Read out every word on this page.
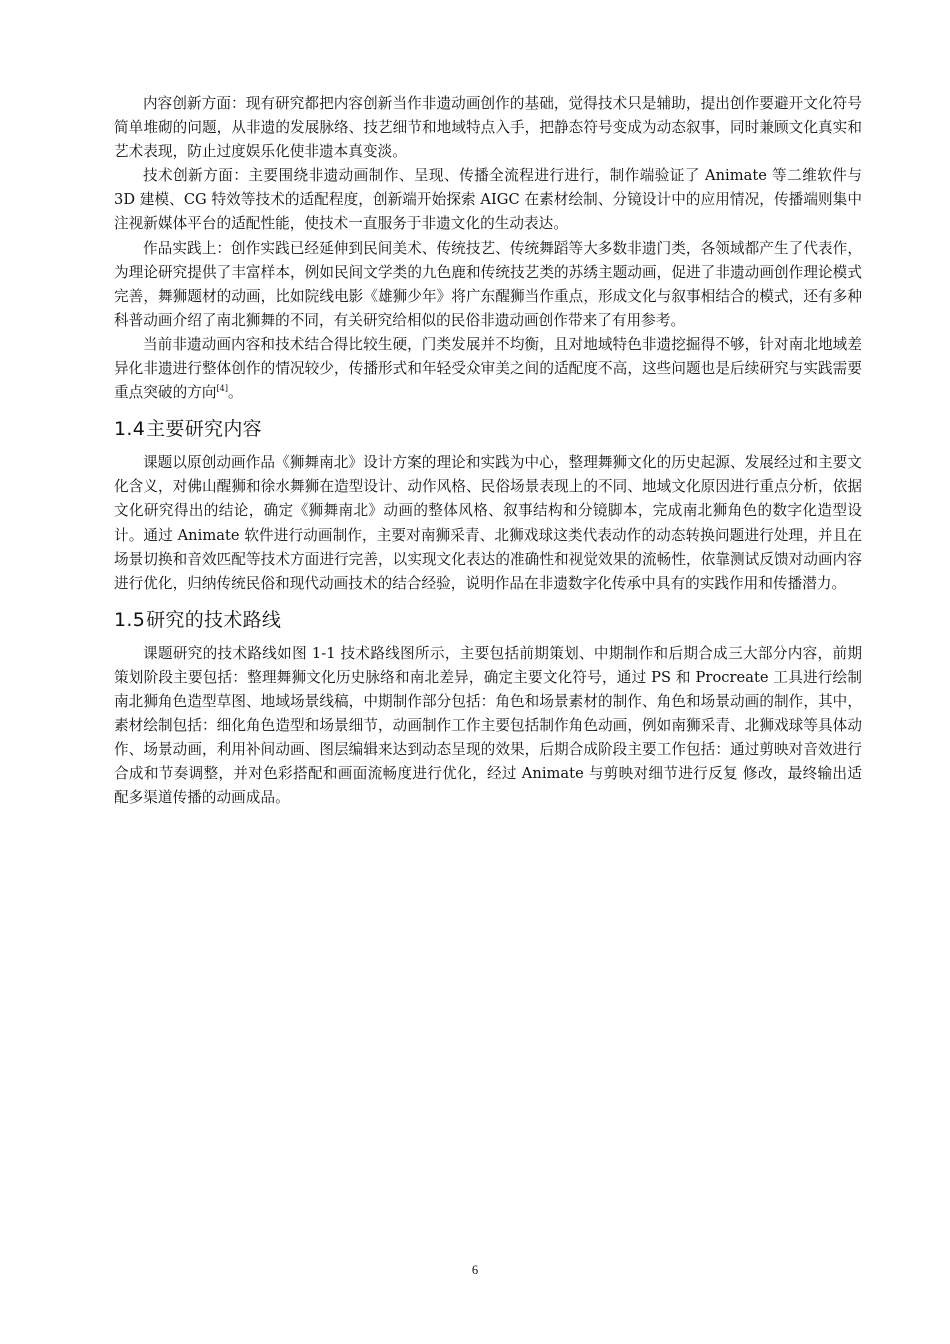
内容创新方面：现有研究都把内容创新当作非遗动画创作的基础，觉得技术只是辅助，提出创作要避开文化符号简单堆砌的问题，从非遗的发展脉络、技艺细节和地域特点入手，把静态符号变成为动态叙事，同时兼顾文化真实和艺术表现，防止过度娱乐化使非遗本真变淡。

技术创新方面：主要围绕非遗动画制作、呈现、传播全流程进行进行，制作端验证了 Animate 等二维软件与 3D 建模、CG 特效等技术的适配程度，创新端开始探索 AIGC 在素材绘制、分镜设计中的应用情况，传播端则集中注视新媒体平台的适配性能，使技术一直服务于非遗文化的生动表达。

作品实践上：创作实践已经延伸到民间美术、传统技艺、传统舞蹈等大多数非遗门类，各领域都产生了代表作，为理论研究提供了丰富样本，例如民间文学类的九色鹿和传统技艺类的苏绣主题动画，促进了非遗动画创作理论模式完善，舞狮题材的动画，比如院线电影《雄狮少年》将广东醒狮当作重点，形成文化与叙事相结合的模式，还有多种科普动画介绍了南北狮舞的不同，有关研究给相似的民俗非遗动画创作带来了有用参考。

当前非遗动画内容和技术结合得比较生硬，门类发展并不均衡，且对地域特色非遗挖掘得不够，针对南北地域差异化非遗进行整体创作的情况较少，传播形式和年轻受众审美之间的适配度不高，这些问题也是后续研究与实践需要重点突破的方向[4]。

1.4主要研究内容

课题以原创动画作品《狮舞南北》设计方案的理论和实践为中心，整理舞狮文化的历史起源、发展经过和主要文化含义，对佛山醒狮和徐水舞狮在造型设计、动作风格、民俗场景表现上的不同、地域文化原因进行重点分析，依据文化研究得出的结论，确定《狮舞南北》动画的整体风格、叙事结构和分镜脚本，完成南北狮角色的数字化造型设计。通过 Animate 软件进行动画制作，主要对南狮采青、北狮戏球这类代表动作的动态转换问题进行处理，并且在场景切换和音效匹配等技术方面进行完善，以实现文化表达的准确性和视觉效果的流畅性，依靠测试反馈对动画内容进行优化，归纳传统民俗和现代动画技术的结合经验，说明作品在非遗数字化传承中具有的实践作用和传播潜力。

1.5研究的技术路线

课题研究的技术路线如图 1-1 技术路线图所示，主要包括前期策划、中期制作和后期合成三大部分内容，前期策划阶段主要包括：整理舞狮文化历史脉络和南北差异，确定主要文化符号，通过 PS 和 Procreate 工具进行绘制南北狮角色造型草图、地域场景线稿，中期制作部分包括：角色和场景素材的制作、角色和场景动画的制作，其中，素材绘制包括：细化角色造型和场景细节，动画制作工作主要包括制作角色动画，例如南狮采青、北狮戏球等具体动作、场景动画，利用补间动画、图层编辑来达到动态呈现的效果，后期合成阶段主要工作包括：通过剪映对音效进行合成和节奏调整，并对色彩搭配和画面流畅度进行优化，经过 Animate 与剪映对细节进行反复 修改，最终输出适配多渠道传播的动画成品。

6
